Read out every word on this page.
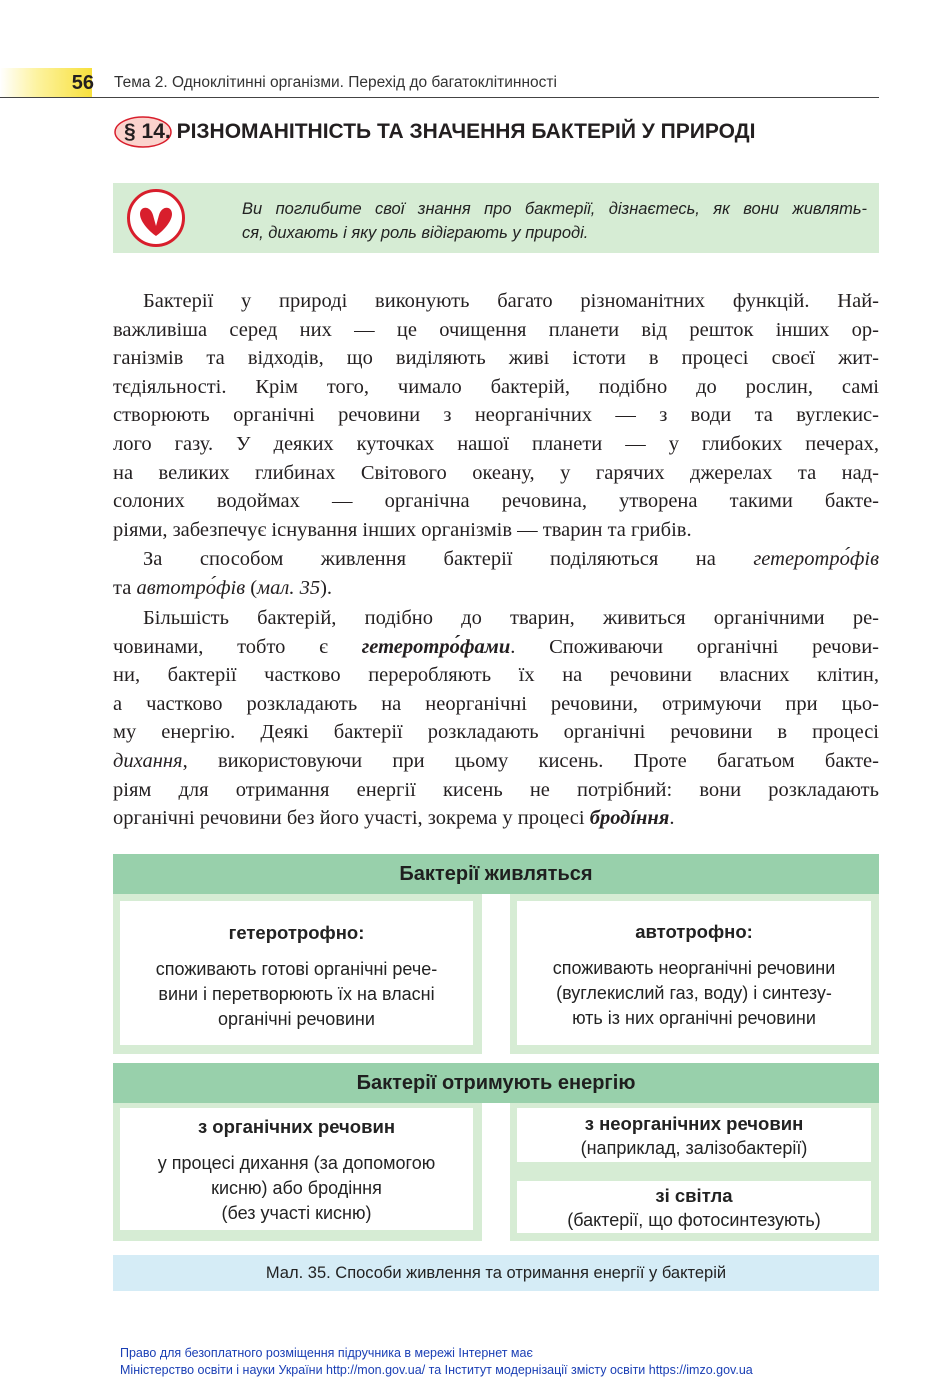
56 Тема 2. Одноклітинні організми. Перехід до багатоклітинності
§ 14. РІЗНОМАНІТНІСТЬ ТА ЗНАЧЕННЯ БАКТЕРІЙ У ПРИРОДІ
Ви поглибите свої знання про бактерії, дізнаєтесь, як вони живлять-
ся, дихають і яку роль відіграють у природі.
Бактерії у природі виконують багато різноманітних функцій. Най-
важливіша серед них — це очищення планети від решток інших ор-
ганізмів та відходів, що виділяють живі істоти в процесі своєї жит-
тєдіяльності. Крім того, чимало бактерій, подібно до рослин, самі
створюють органічні речовини з неорганічних — з води та вуглекис-
лого газу. У деяких куточках нашої планети — у глибоких печерах,
на великих глибинах Світового океану, у гарячих джерелах та над-
солоних водоймах — органічна речовина, утворена такими бакте-
ріями, забезпечує існування інших організмів — тварин та грибів.
За способом живлення бактерії поділяються на гетеротро́фів
та автотро́фів (мал. 35).
Більшість бактерій, подібно до тварин, живиться органічними ре-
човинами, тобто є гетеротро́фами. Споживаючи органічні речови-
ни, бактерії частково переробляють їх на речовини власних клітин,
а частково розкладають на неорганічні речовини, отримуючи при цьо-
му енергію. Деякі бактерії розкладають органічні речовини в процесі
дихання, використовуючи при цьому кисень. Проте багатьом бакте-
ріям для отримання енергії кисень не потрібний: вони розкладають
органічні речовини без його участі, зокрема у процесі бродíння.
Бактерії живляться
гетеротрофно:
споживають готові органічні рече-
вини і перетворюють їх на власні
органічні речовини
автотрофно:
споживають неорганічні речовини
(вуглекислий газ, воду) і синтезу-
ють із них органічні речовини
Бактерії отримують енергію
з органічних речовин
у процесі дихання (за допомогою
кисню) або бродіння
(без участі кисню)
з неорганічних речовин
(наприклад, залізобактерії)
зі світла
(бактерії, що фотосинтезують)
Мал. 35. Способи живлення та отримання енергії у бактерій
Право для безоплатного розміщення підручника в мережі Інтернет має
Міністерство освіти і науки України http://mon.gov.ua/ та Інститут модернізації змісту освіти https://imzo.gov.ua
